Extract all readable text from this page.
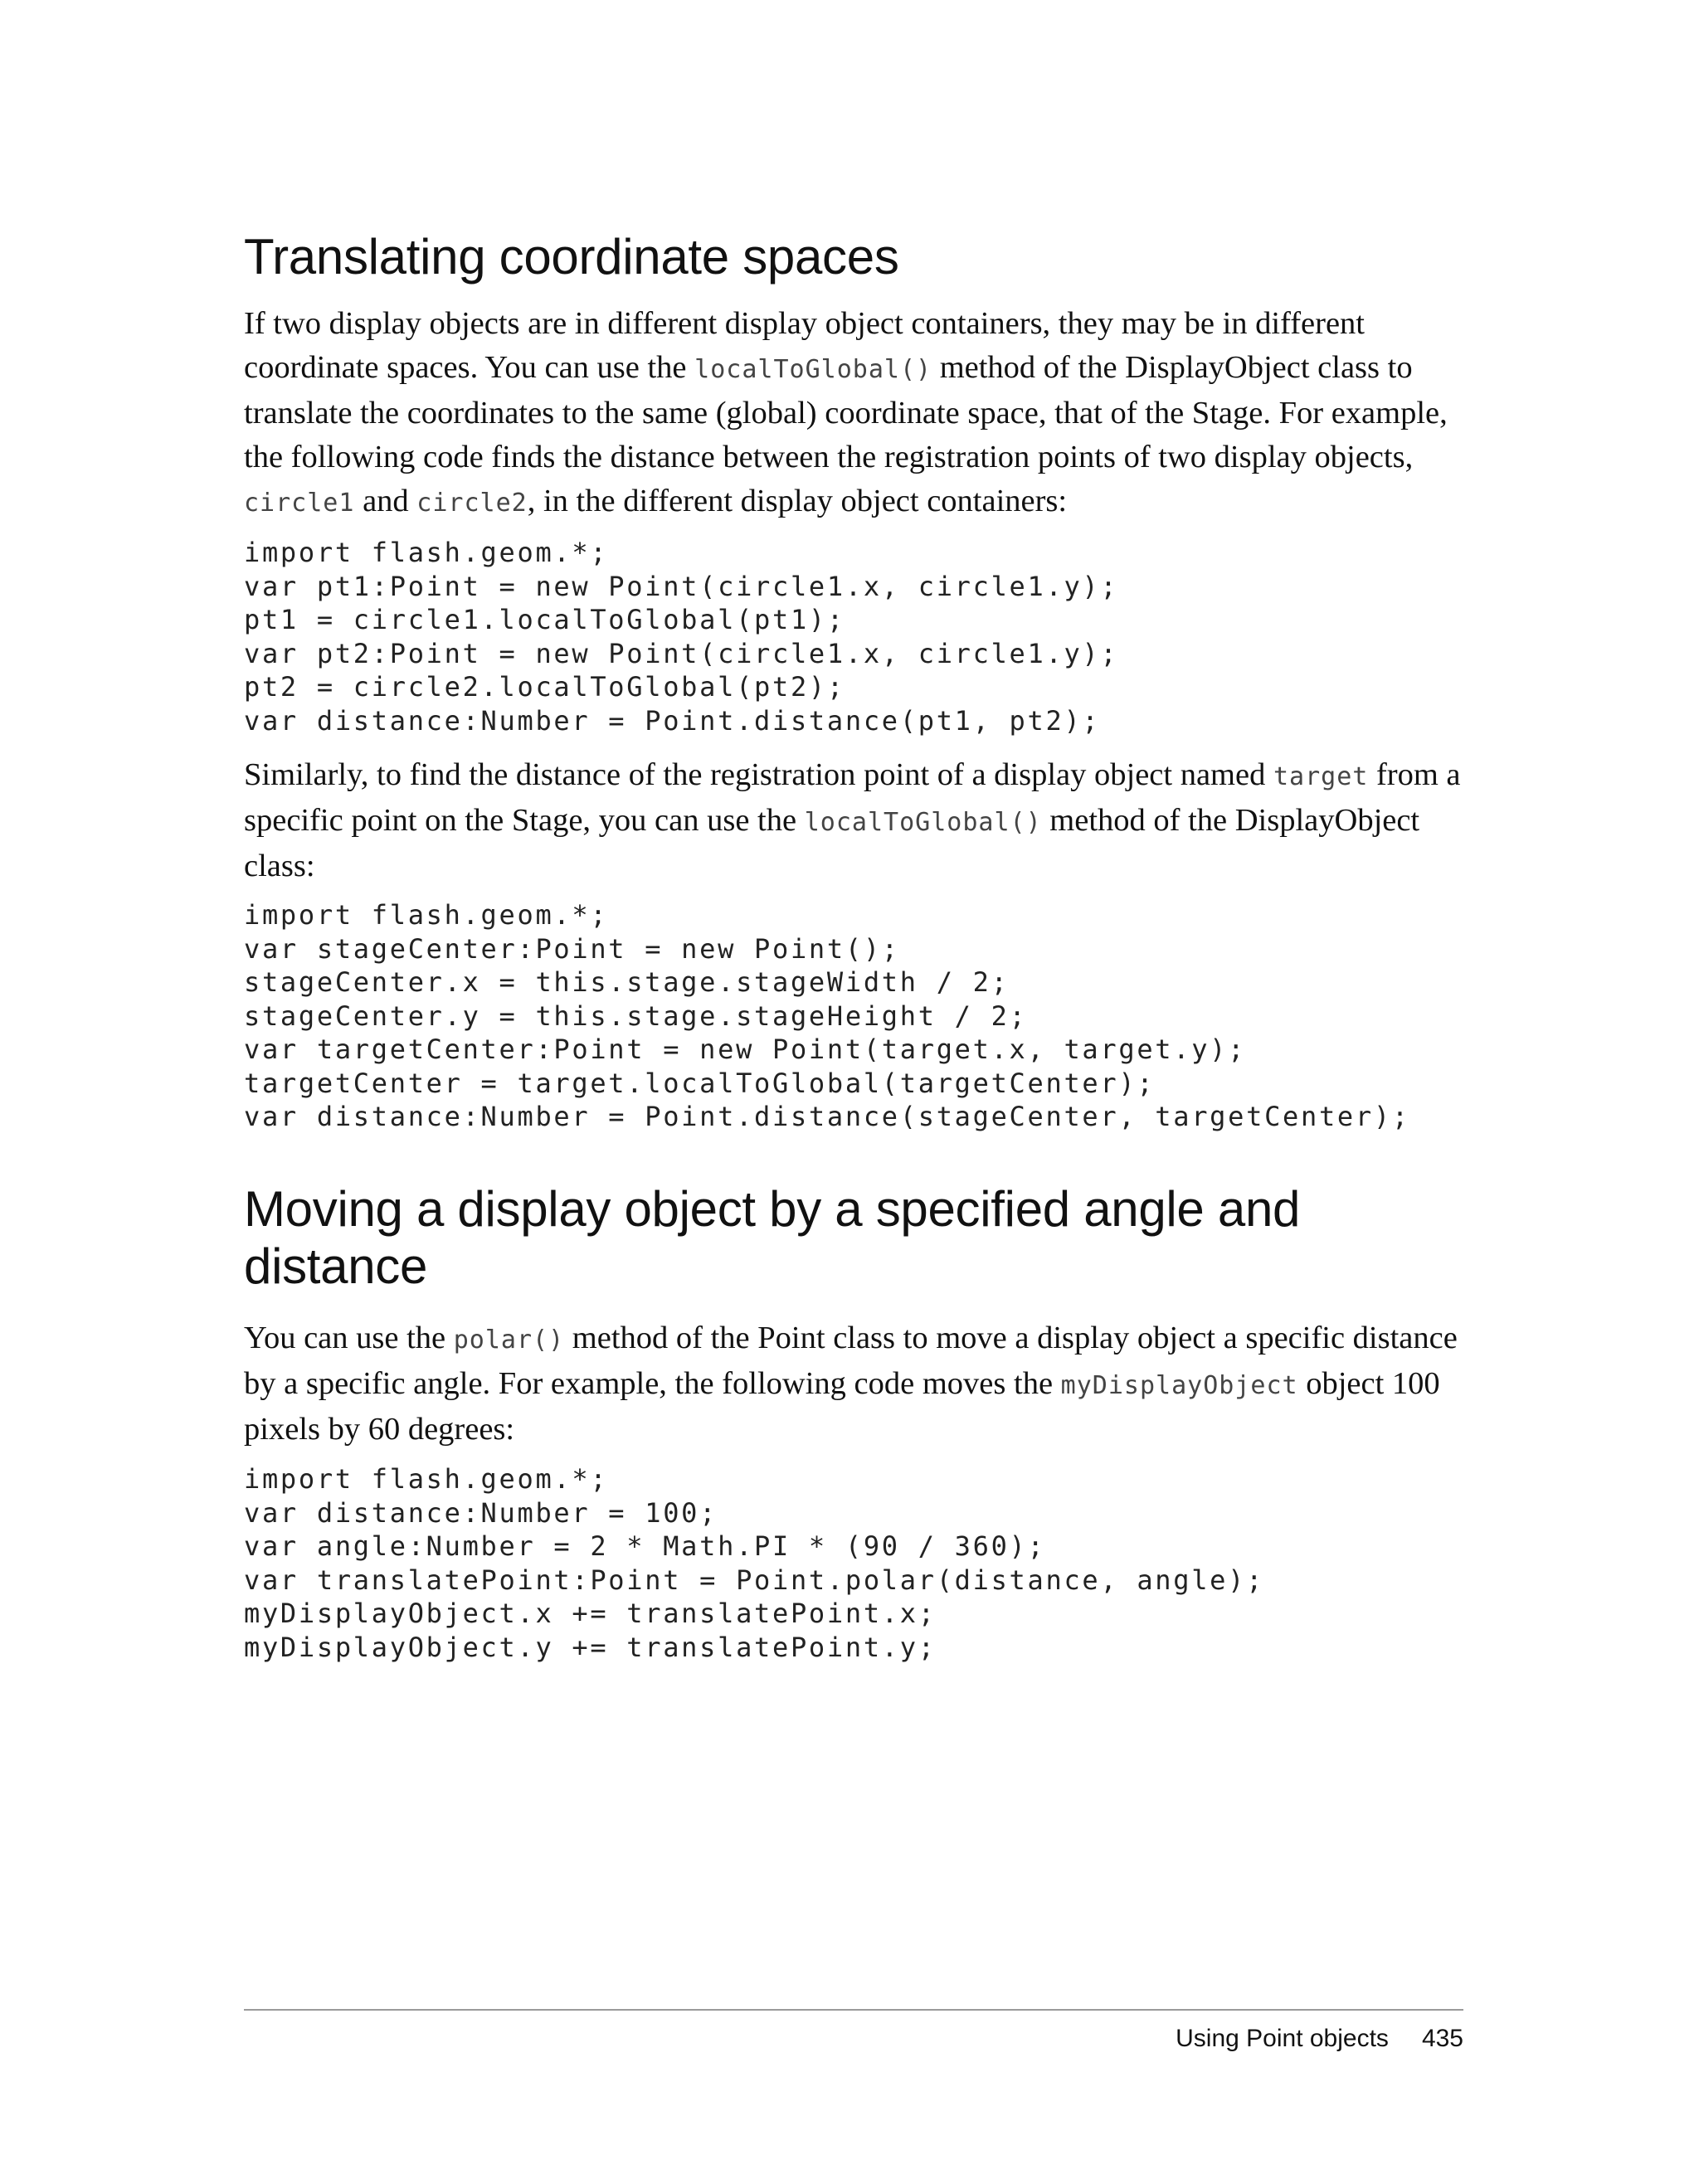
Translating coordinate spaces

If two display objects are in different display object containers, they may be in different coordinate spaces. You can use the localToGlobal() method of the DisplayObject class to translate the coordinates to the same (global) coordinate space, that of the Stage. For example, the following code finds the distance between the registration points of two display objects, circle1 and circle2, in the different display object containers:

import flash.geom.*;
var pt1:Point = new Point(circle1.x, circle1.y);
pt1 = circle1.localToGlobal(pt1);
var pt2:Point = new Point(circle1.x, circle1.y);
pt2 = circle2.localToGlobal(pt2);
var distance:Number = Point.distance(pt1, pt2);

Similarly, to find the distance of the registration point of a display object named target from a specific point on the Stage, you can use the localToGlobal() method of the DisplayObject class:

import flash.geom.*;
var stageCenter:Point = new Point();
stageCenter.x = this.stage.stageWidth / 2;
stageCenter.y = this.stage.stageHeight / 2;
var targetCenter:Point = new Point(target.x, target.y);
targetCenter = target.localToGlobal(targetCenter);
var distance:Number = Point.distance(stageCenter, targetCenter);
Moving a display object by a specified angle and distance

You can use the polar() method of the Point class to move a display object a specific distance by a specific angle. For example, the following code moves the myDisplayObject object 100 pixels by 60 degrees:

import flash.geom.*;
var distance:Number = 100;
var angle:Number = 2 * Math.PI * (90 / 360);
var translatePoint:Point = Point.polar(distance, angle);
myDisplayObject.x += translatePoint.x;
myDisplayObject.y += translatePoint.y;
Using Point objects 435
